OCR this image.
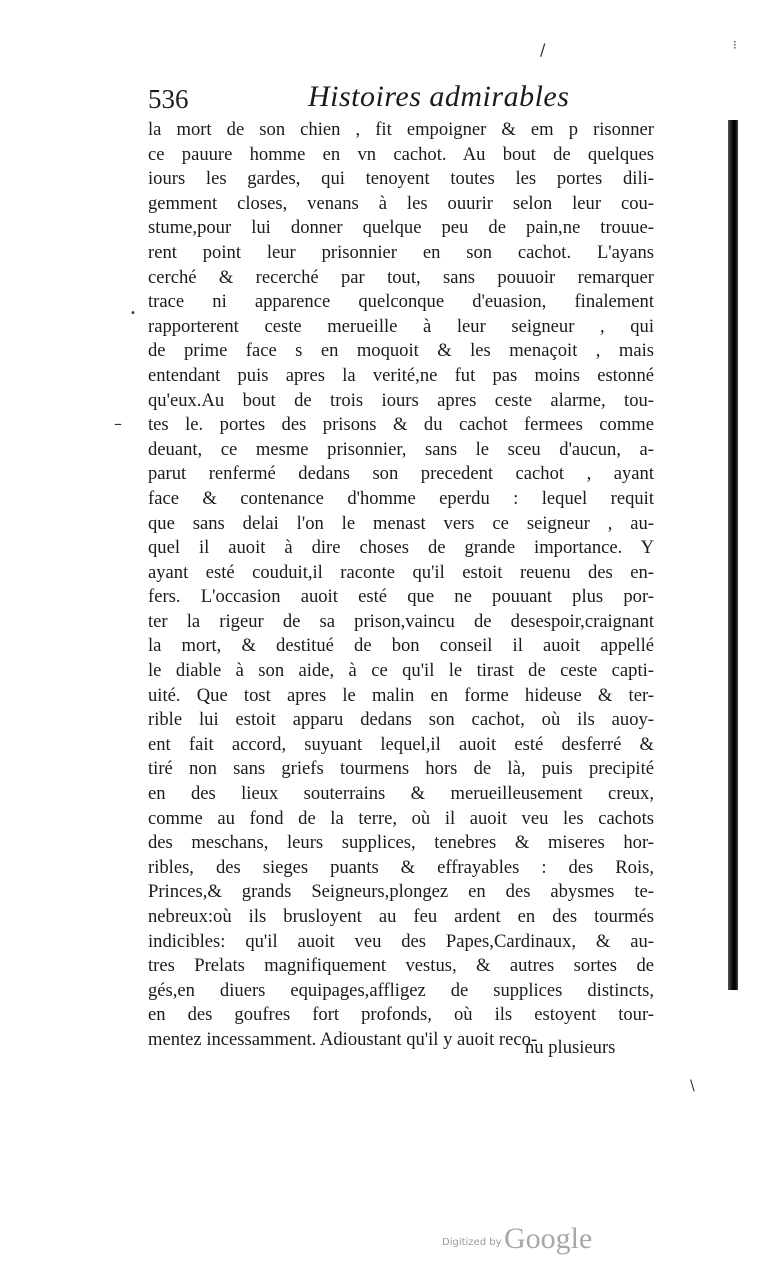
536	Histoires admirables
la mort de son chien , fit empoigner & em p risonner
ce pauure homme en vn cachot. Au bout de quelques
iours les gardes, qui tenoyent toutes les portes dili-
gemment closes, venans à les ouurir selon leur cou-
stume,pour lui donner quelque peu de pain,ne trouue-
rent point leur prisonnier en son cachot. L'ayans
cerché & recerché par tout, sans pouuoir remarquer
trace ni apparence quelconque d'euasion, finalement
rapporterent ceste merueille à leur seigneur , qui
de prime face s en moquoit & les menaçoit , mais
entendant puis apres la verité,ne fut pas moins estonné
qu'eux.Au bout de trois iours apres ceste alarme, tou-
tes le. portes des prisons & du cachot fermees comme
deuant, ce mesme prisonnier, sans le sceu d'aucun, a-
parut renfermé dedans son precedent cachot , ayant
face & contenance d'homme eperdu : lequel requit
que sans delai l'on le menast vers ce seigneur , au-
quel il auoit à dire choses de grande importance. Y
ayant esté couduit,il raconte qu'il estoit reuenu des en-
fers. L'occasion auoit esté que ne pouuant plus por-
ter la rigeur de sa prison,vaincu de desespoir,craignant
la mort, & destitué de bon conseil il auoit appellé
le diable à son aide, à ce qu'il le tirast de ceste capti-
uité. Que tost apres le malin en forme hideuse & ter-
rible lui estoit apparu dedans son cachot, où ils auoy-
ent fait accord, suyuant lequel,il auoit esté desferré &
tiré non sans griefs tourmens hors de là, puis precipité
en des lieux souterrains & merueilleusement creux,
comme au fond de la terre, où il auoit veu les cachots
des meschans, leurs supplices, tenebres & miseres hor-
ribles, des sieges puants & effrayables : des Rois,
Princes,& grands Seigneurs,plongez en des abysmes te-
nebreux:où ils brusloyent au feu ardent en des tourmés
indicibles: qu'il auoit veu des Papes,Cardinaux, & au-
tres Prelats magnifiquement vestus, & autres sortes de
gés,en diuers equipages,affligez de supplices distincts,
en des goufres fort profonds, où ils estoyent tour-
mentez incessamment. Adioustant qu'il y auoit reco-
nu plusieurs
/	⁝
•
–
\
Digitized by Google
